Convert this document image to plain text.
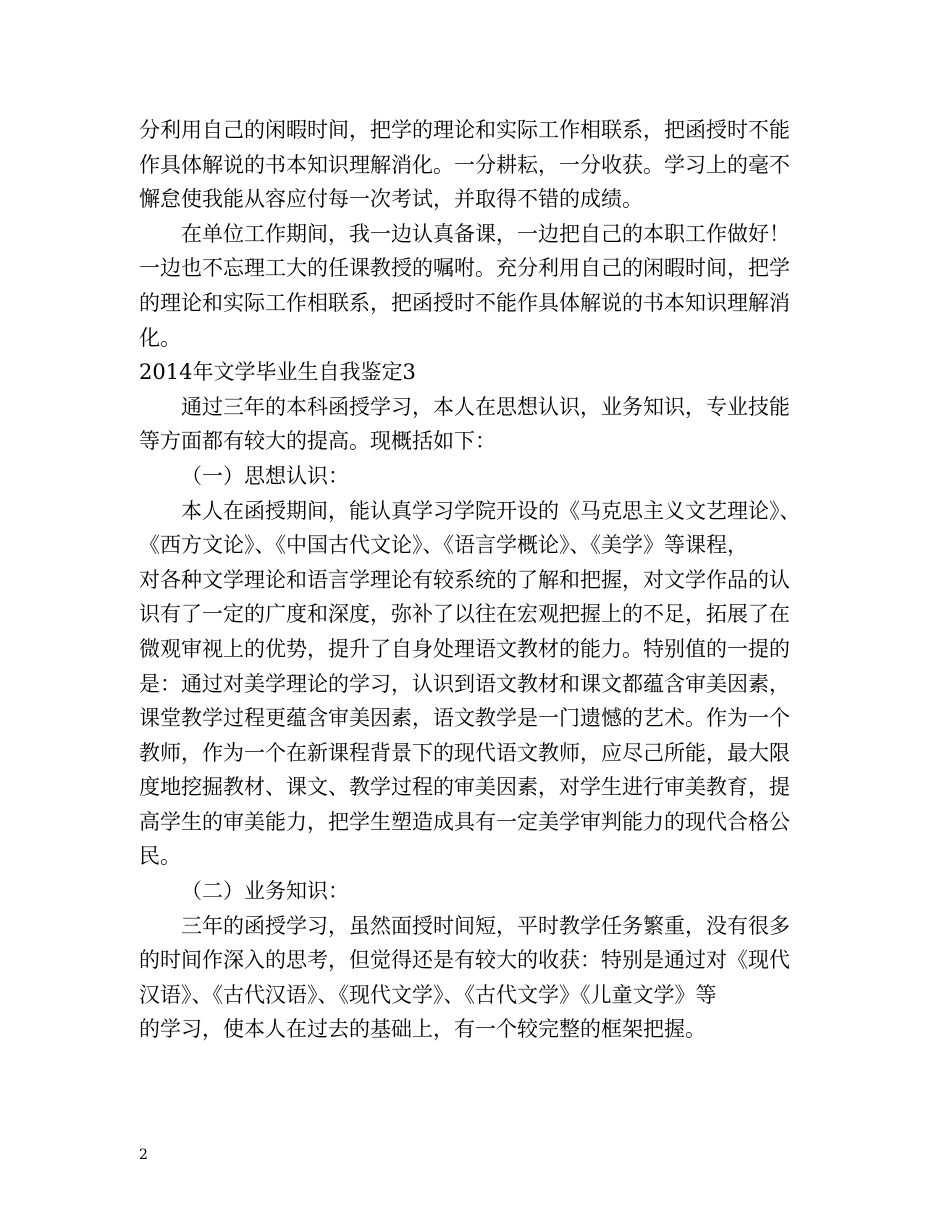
分利用自己的闲暇时间，把学的理论和实际工作相联系，把函授时不能
作具体解说的书本知识理解消化。一分耕耘，一分收获。学习上的毫不
懈怠使我能从容应付每一次考试，并取得不错的成绩。
在单位工作期间，我一边认真备课，一边把自己的本职工作做好！
一边也不忘理工大的任课教授的嘱咐。充分利用自己的闲暇时间，把学
的理论和实际工作相联系，把函授时不能作具体解说的书本知识理解消
化。
2014年文学毕业生自我鉴定3
通过三年的本科函授学习，本人在思想认识，业务知识，专业技能
等方面都有较大的提高。现概括如下：
（一）思想认识：
本人在函授期间，能认真学习学院开设的《马克思主义文艺理论》、
《西方文论》、《中国古代文论》、《语言学概论》、《美学》等课程，
对各种文学理论和语言学理论有较系统的了解和把握，对文学作品的认
识有了一定的广度和深度，弥补了以往在宏观把握上的不足，拓展了在
微观审视上的优势，提升了自身处理语文教材的能力。特别值的一提的
是：通过对美学理论的学习，认识到语文教材和课文都蕴含审美因素，
课堂教学过程更蕴含审美因素，语文教学是一门遗憾的艺术。作为一个
教师，作为一个在新课程背景下的现代语文教师，应尽己所能，最大限
度地挖掘教材、课文、教学过程的审美因素，对学生进行审美教育，提
高学生的审美能力，把学生塑造成具有一定美学审判能力的现代合格公
民。
（二）业务知识：
三年的函授学习，虽然面授时间短，平时教学任务繁重，没有很多
的时间作深入的思考，但觉得还是有较大的收获：特别是通过对《现代
汉语》、《古代汉语》、《现代文学》、《古代文学》《儿童文学》等
的学习，使本人在过去的基础上，有一个较完整的框架把握。
2
